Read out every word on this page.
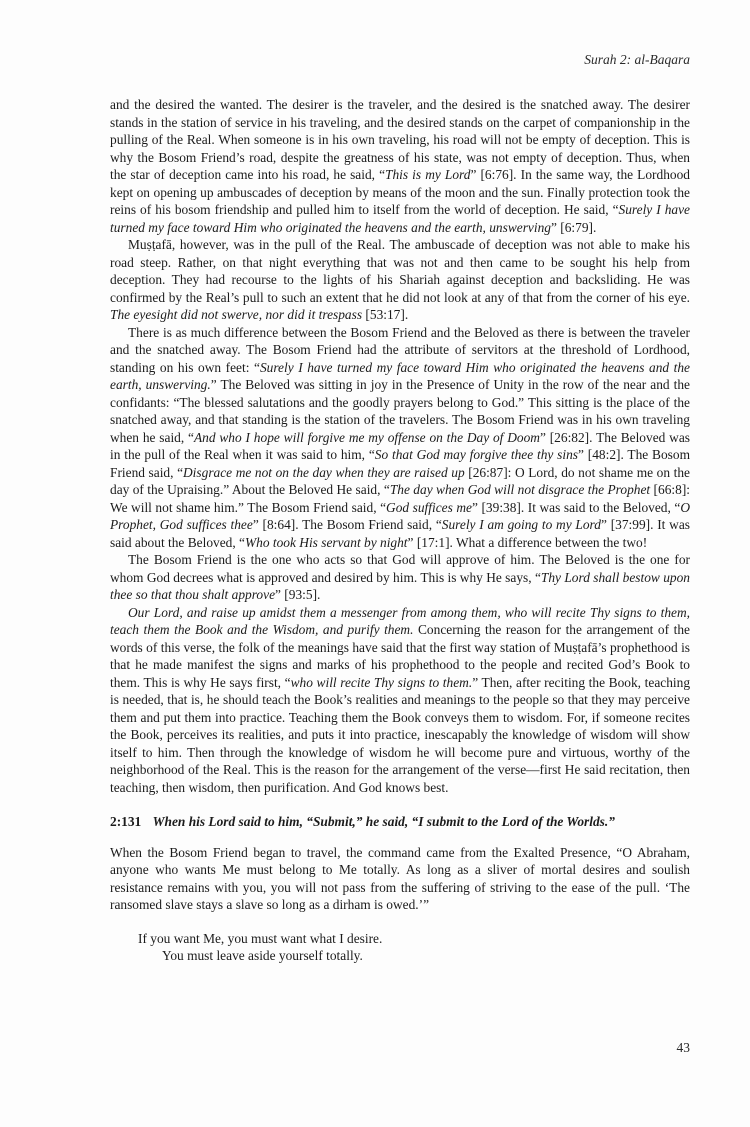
Surah 2: al-Baqara

and the desired the wanted. The desirer is the traveler, and the desired is the snatched away. The desirer stands in the station of service in his traveling, and the desired stands on the carpet of companionship in the pulling of the Real. When someone is in his own traveling, his road will not be empty of deception. This is why the Bosom Friend’s road, despite the greatness of his state, was not empty of deception. Thus, when the star of deception came into his road, he said, “This is my Lord” [6:76]. In the same way, the Lordhood kept on opening up ambuscades of deception by means of the moon and the sun. Finally protection took the reins of his bosom friendship and pulled him to itself from the world of deception. He said, “Surely I have turned my face toward Him who originated the heavens and the earth, unswerving” [6:79].

Muṣṭafā, however, was in the pull of the Real. The ambuscade of deception was not able to make his road steep. Rather, on that night everything that was not and then came to be sought his help from deception. They had recourse to the lights of his Shariah against deception and backsliding. He was confirmed by the Real’s pull to such an extent that he did not look at any of that from the corner of his eye. The eyesight did not swerve, nor did it trespass [53:17].

There is as much difference between the Bosom Friend and the Beloved as there is between the traveler and the snatched away. The Bosom Friend had the attribute of servitors at the threshold of Lordhood, standing on his own feet: “Surely I have turned my face toward Him who originated the heavens and the earth, unswerving.” The Beloved was sitting in joy in the Presence of Unity in the row of the near and the confidants: “The blessed salutations and the goodly prayers belong to God.” This sitting is the place of the snatched away, and that standing is the station of the travelers. The Bosom Friend was in his own traveling when he said, “And who I hope will forgive me my offense on the Day of Doom” [26:82]. The Beloved was in the pull of the Real when it was said to him, “So that God may forgive thee thy sins” [48:2]. The Bosom Friend said, “Disgrace me not on the day when they are raised up [26:87]: O Lord, do not shame me on the day of the Upraising.” About the Beloved He said, “The day when God will not disgrace the Prophet [66:8]: We will not shame him.” The Bosom Friend said, “God suffices me” [39:38]. It was said to the Beloved, “O Prophet, God suffices thee” [8:64]. The Bosom Friend said, “Surely I am going to my Lord” [37:99]. It was said about the Beloved, “Who took His servant by night” [17:1]. What a difference between the two!

The Bosom Friend is the one who acts so that God will approve of him. The Beloved is the one for whom God decrees what is approved and desired by him. This is why He says, “Thy Lord shall bestow upon thee so that thou shalt approve” [93:5].

Our Lord, and raise up amidst them a messenger from among them, who will recite Thy signs to them, teach them the Book and the Wisdom, and purify them. Concerning the reason for the arrangement of the words of this verse, the folk of the meanings have said that the first way station of Muṣṭafā’s prophethood is that he made manifest the signs and marks of his prophethood to the people and recited God’s Book to them. This is why He says first, “who will recite Thy signs to them.” Then, after reciting the Book, teaching is needed, that is, he should teach the Book’s realities and meanings to the people so that they may perceive them and put them into practice. Teaching them the Book conveys them to wisdom. For, if someone recites the Book, perceives its realities, and puts it into practice, inescapably the knowledge of wisdom will show itself to him. Then through the knowledge of wisdom he will become pure and virtuous, worthy of the neighborhood of the Real. This is the reason for the arrangement of the verse—first He said recitation, then teaching, then wisdom, then purification. And God knows best.

2:131 When his Lord said to him, “Submit,” he said, “I submit to the Lord of the Worlds.”

When the Bosom Friend began to travel, the command came from the Exalted Presence, “O Abraham, anyone who wants Me must belong to Me totally. As long as a sliver of mortal desires and soulish resistance remains with you, you will not pass from the suffering of striving to the ease of the pull. ‘The ransomed slave stays a slave so long as a dirham is owed.’”

If you want Me, you must want what I desire.
You must leave aside yourself totally.
43
